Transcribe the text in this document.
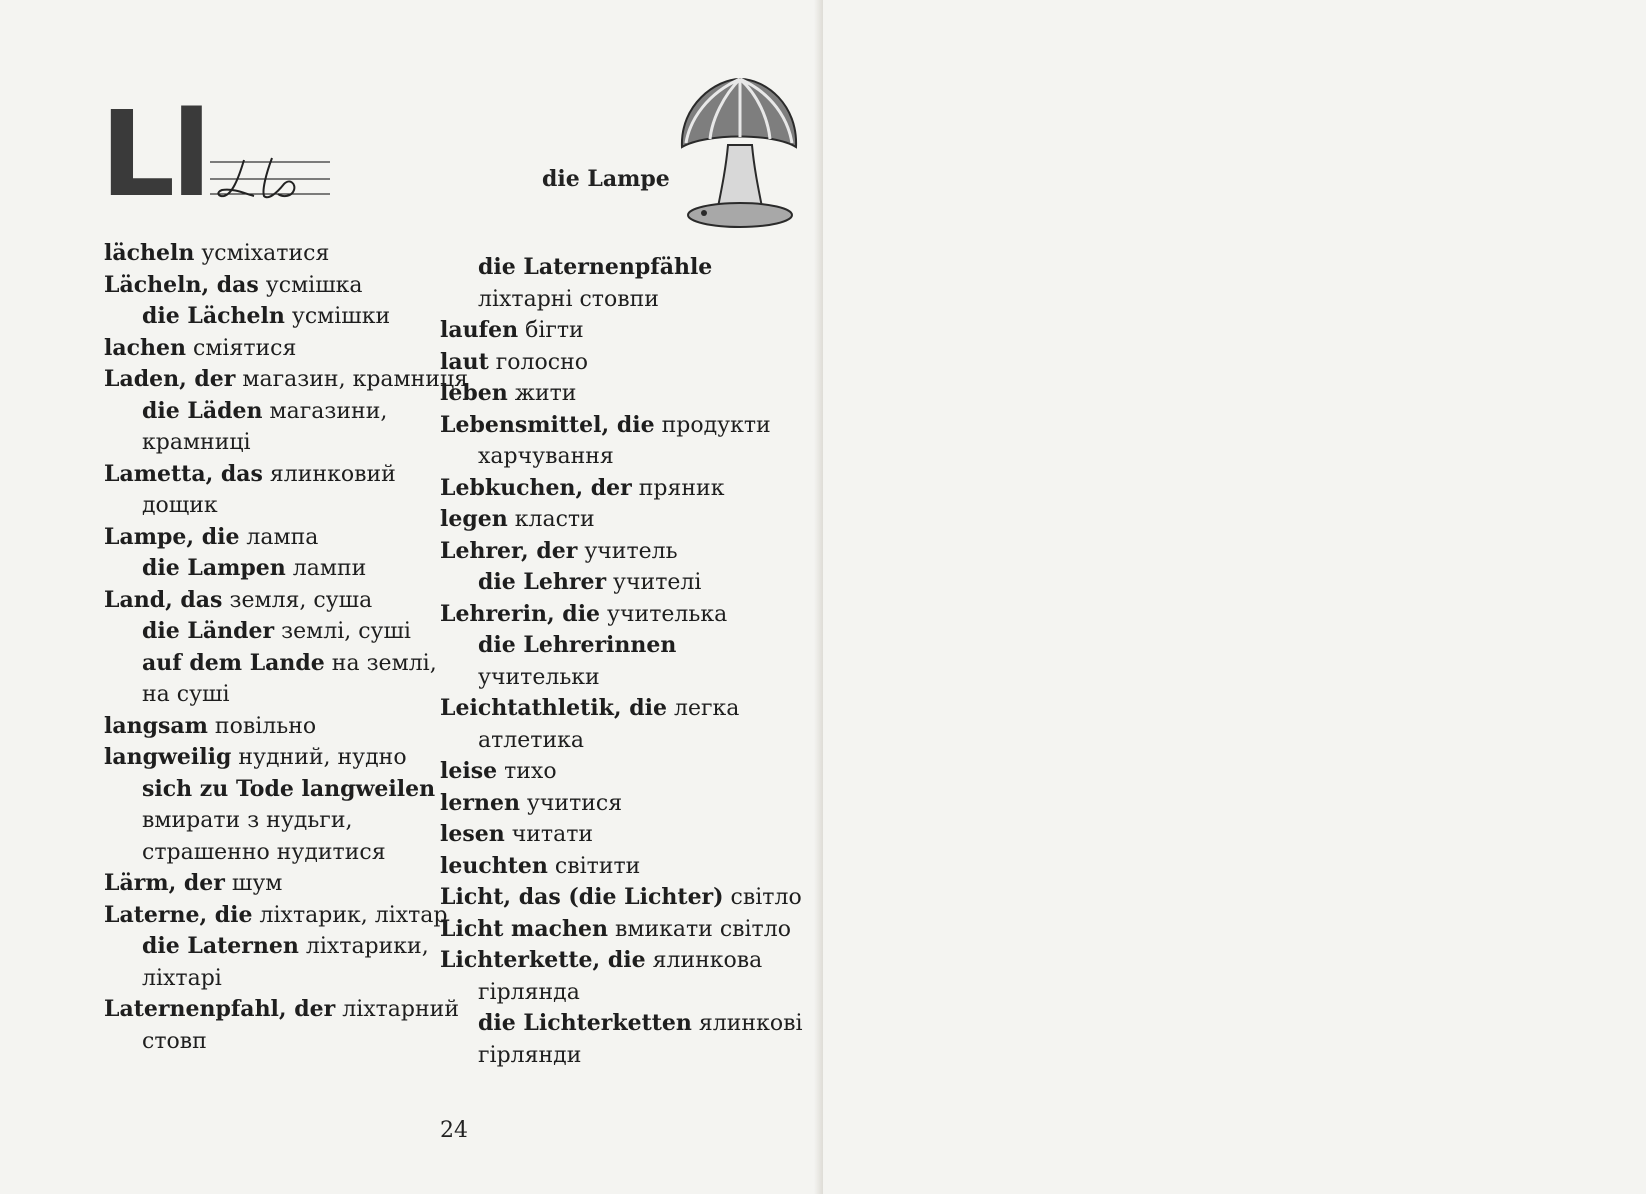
Ll	die Lampe
lächeln усміхатися
Lächeln, das усмішка
die Lächeln усмішки
lachen сміятися
Laden, der магазин, крамниця
die Läden магазини,
крамниці
Lametta, das ялинковий
дощик
Lampe, die лампа
die Lampen лампи
Land, das земля, суша
die Länder землі, суші
auf dem Lande на землі,
на суші
langsam повільно
langweilig нудний, нудно
sich zu Tode langweilen
вмирати з нудьги,
страшенно нудитися
Lärm, der шум
Laterne, die ліхтарик, ліхтар
die Laternen ліхтарики,
ліхтарі
Laternenpfahl, der ліхтарний
стовп
die Laternenpfähle
ліхтарні стовпи
laufen бігти
laut голосно
leben жити
Lebensmittel, die продукти
харчування
Lebkuchen, der пряник
legen класти
Lehrer, der учитель
die Lehrer учителі
Lehrerin, die учителька
die Lehrerinnen
учительки
Leichtathletik, die легка
атлетика
leise тихо
lernen учитися
lesen читати
leuchten світити
Licht, das (die Lichter) світло
Licht machen вмикати світло
Lichterkette, die ялинкова
гірлянда
die Lichterketten ялинкові
гірлянди
24
